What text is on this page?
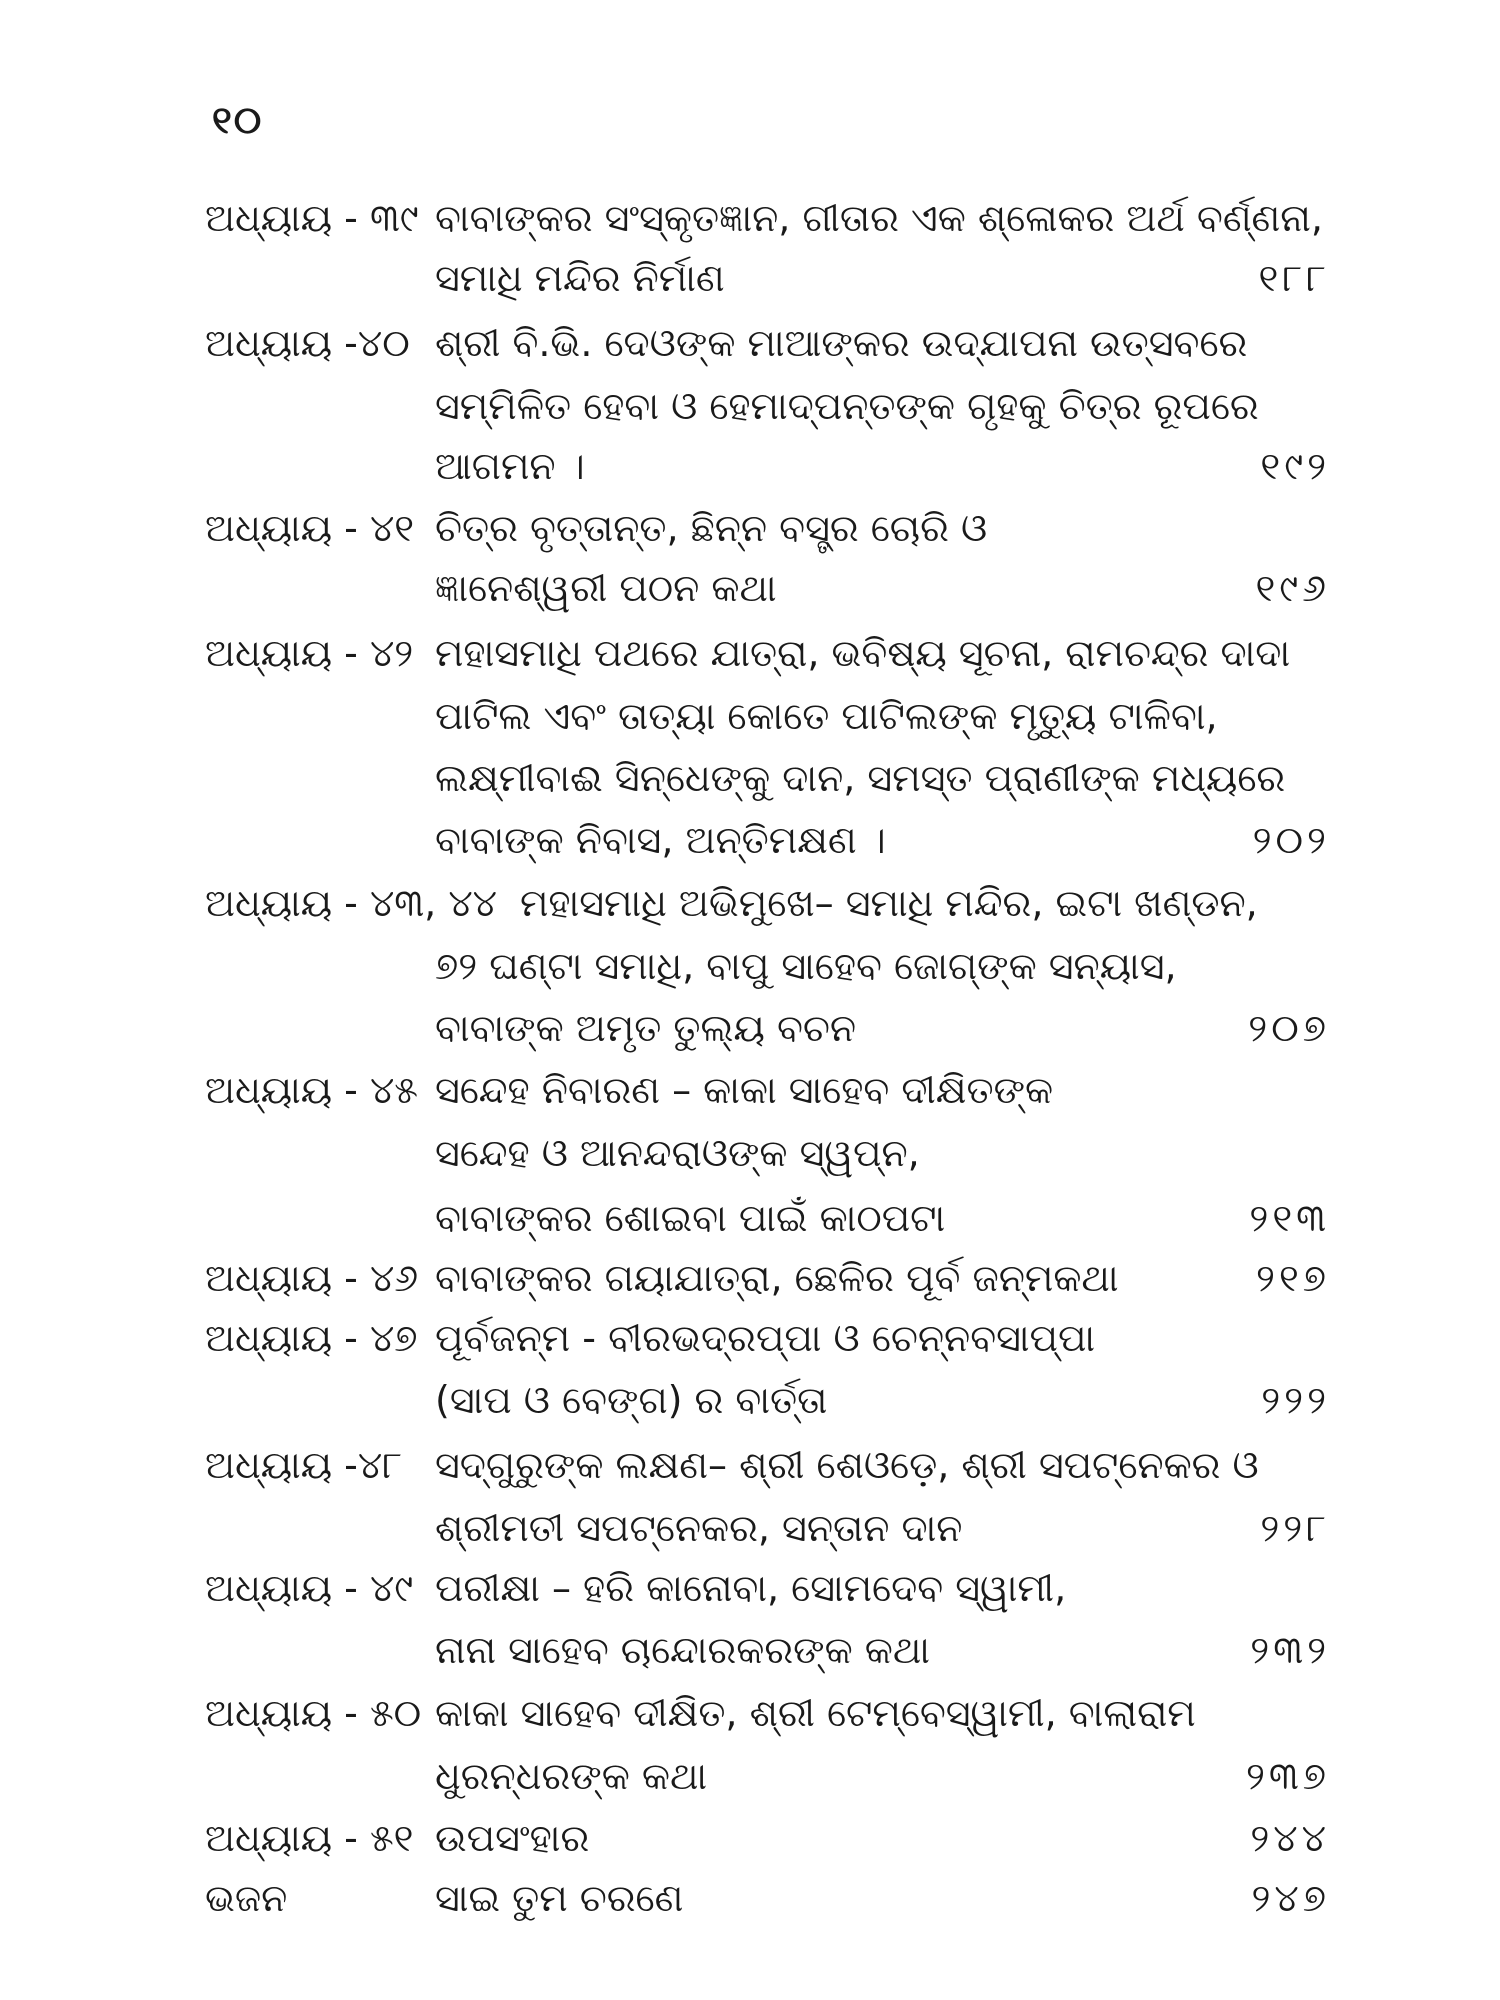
୧୦
ଅଧ୍ୟାୟ - ୩୯ ବାବାଙ୍କର ସଂସ୍କୃତଜ୍ଞାନ, ଗୀତାର ଏକ ଶ୍ଳୋକର ଅର୍ଥ ବର୍ଣ୍ଣନା,
ସମାଧି ମନ୍ଦିର ନିର୍ମାଣ	୧୮୮
ଅଧ୍ୟାୟ -୪୦ ଶ୍ରୀ ବି.ଭି. ଦେଓଙ୍କ ମାଆଙ୍କର ଉଦ୍‌ଯାପନା ଉତ୍ସବରେ
ସମ୍ମିଳିତ ହେବା ଓ ହେମାଦ୍‌ପନ୍ତଙ୍କ ଗୃହକୁ ଚିତ୍ର ରୂପରେ
ଆଗମନ ।	୧୯୨
ଅଧ୍ୟାୟ - ୪୧ ଚିତ୍ର ବୃତ୍ତାନ୍ତ, ଛିନ୍ନ ବସ୍ତ୍ର ଚୋରି ଓ
ଜ୍ଞାନେଶ୍ୱରୀ ପଠନ କଥା	୧୯୬
ଅଧ୍ୟାୟ - ୪୨ ମହାସମାଧି ପଥରେ ଯାତ୍ରା, ଭବିଷ୍ୟ ସୂଚନା, ରାମଚନ୍ଦ୍ର ଦାଦା
ପାଟିଲ ଏବଂ ତାତ୍ୟା କୋତେ ପାଟିଲଙ୍କ ମୃତ୍ୟୁ ଟାଳିବା,
ଲକ୍ଷ୍ମୀବାଈ ସିନ୍ଧେଙ୍କୁ ଦାନ, ସମସ୍ତ ପ୍ରାଣୀଙ୍କ ମଧ୍ୟରେ
ବାବାଙ୍କ ନିବାସ, ଅନ୍ତିମକ୍ଷଣ ।	୨୦୨
ଅଧ୍ୟାୟ - ୪୩, ୪୪ ମହାସମାଧି ଅଭିମୁଖେ– ସମାଧି ମନ୍ଦିର, ଇଟା ଖଣ୍ଡନ,
୭୨ ଘଣ୍ଟା ସମାଧି, ବାପୁ ସାହେବ ଜୋଗ୍‌ଙ୍କ ସନ୍ୟାସ,
ବାବାଙ୍କ ଅମୃତ ତୁଲ୍ୟ ବଚନ	୨୦୭
ଅଧ୍ୟାୟ - ୪୫ ସନ୍ଦେହ ନିବାରଣ – କାକା ସାହେବ ଦୀକ୍ଷିତଙ୍କ
ସନ୍ଦେହ ଓ ଆନନ୍ଦରାଓଙ୍କ ସ୍ୱପ୍ନ,
ବାବାଙ୍କର ଶୋଇବା ପାଇଁ କାଠପଟା	୨୧୩
ଅଧ୍ୟାୟ - ୪୬ ବାବାଙ୍କର ଗୟାଯାତ୍ରା, ଛେଳିର ପୂର୍ବ ଜନ୍ମକଥା	୨୧୭
ଅଧ୍ୟାୟ - ୪୭ ପୂର୍ବଜନ୍ମ - ବୀରଭଦ୍ରପ୍ପା ଓ ଚେନ୍ନବସାପ୍ପା
(ସାପ ଓ ବେଙ୍ଗ) ର ବାର୍ତ୍ତା	୨୨୨
ଅଧ୍ୟାୟ -୪୮ ସଦ୍‌ଗୁରୁଙ୍କ ଲକ୍ଷଣ– ଶ୍ରୀ ଶେଓଡ଼େ, ଶ୍ରୀ ସପଟ୍ନେକର ଓ
ଶ୍ରୀମତୀ ସପଟ୍ନେକର, ସନ୍ତାନ ଦାନ	୨୨୮
ଅଧ୍ୟାୟ - ୪୯ ପରୀକ୍ଷା – ହରି କାନୋବା, ସୋମଦେବ ସ୍ୱାମୀ,
ନାନା ସାହେବ ଚାନ୍ଦୋରକରଙ୍କ କଥା	୨୩୨
ଅଧ୍ୟାୟ - ୫୦ କାକା ସାହେବ ଦୀକ୍ଷିତ, ଶ୍ରୀ ଟେମ୍ବେସ୍ୱାମୀ, ବାଲାରାମ
ଧୁରନ୍ଧରଙ୍କ କଥା	୨୩୭
ଅଧ୍ୟାୟ - ୫୧ ଉପସଂହାର	୨୪୪
ଭଜନ	ସାଇ ତୁମ ଚରଣେ	୨୪୭
